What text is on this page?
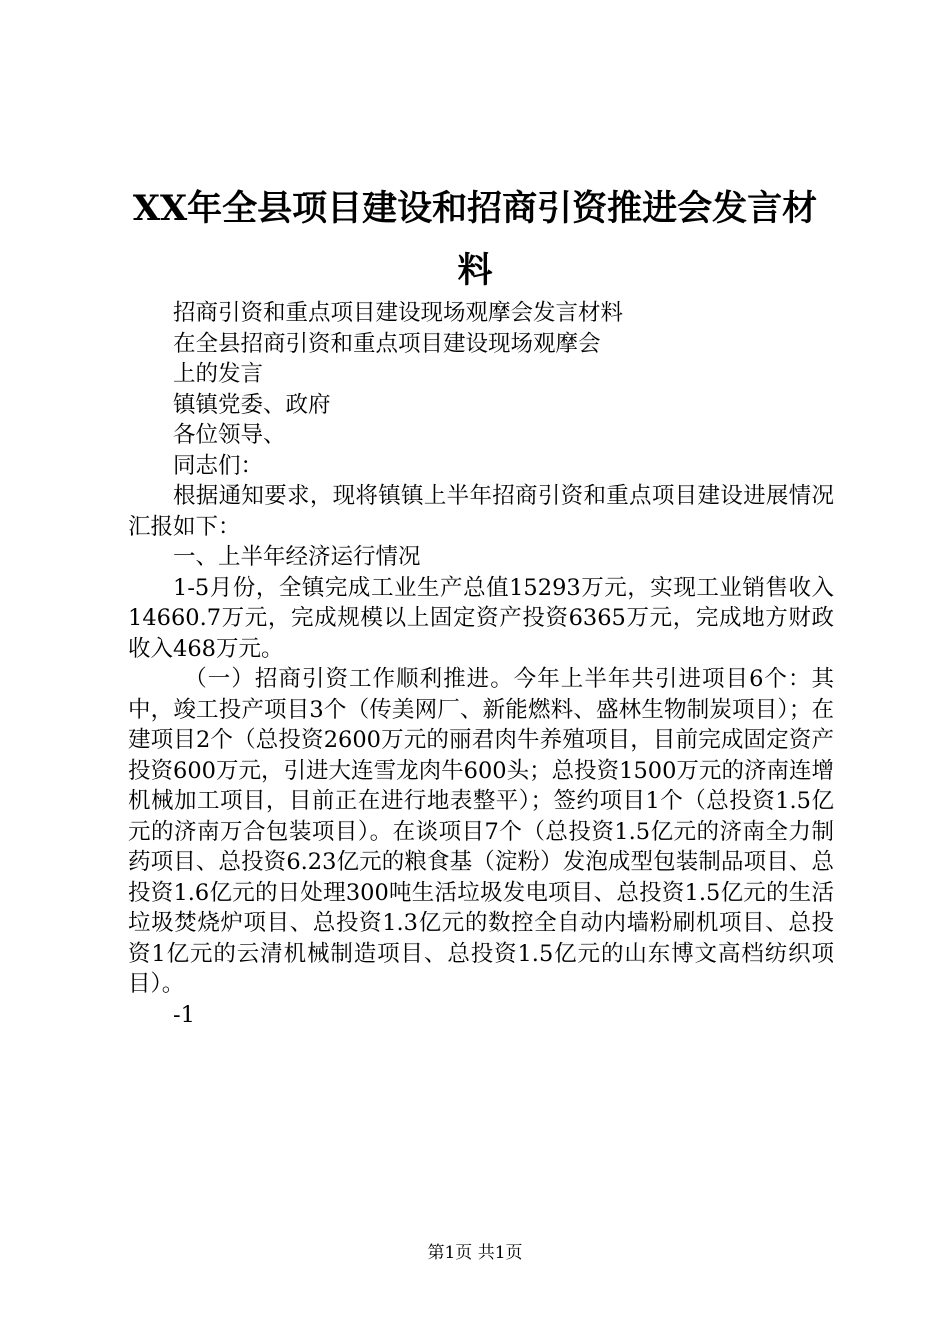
XX年全县项目建设和招商引资推进会发言材料

招商引资和重点项目建设现场观摩会发言材料

在全县招商引资和重点项目建设现场观摩会

上的发言

镇镇党委、政府

各位领导、

同志们：

根据通知要求，现将镇镇上半年招商引资和重点项目建设进展情况汇报如下：

一、上半年经济运行情况

1-5月份，全镇完成工业生产总值15293万元，实现工业销售收入14660.7万元，完成规模以上固定资产投资6365万元，完成地方财政收入468万元。

（一）招商引资工作顺利推进。今年上半年共引进项目6个：其中，竣工投产项目3个（传美网厂、新能燃料、盛林生物制炭项目）；在建项目2个（总投资2600万元的丽君肉牛养殖项目，目前完成固定资产投资600万元，引进大连雪龙肉牛600头；总投资1500万元的济南连增机械加工项目，目前正在进行地表整平）；签约项目1个（总投资1.5亿元的济南万合包装项目）。在谈项目7个（总投资1.5亿元的济南全力制药项目、总投资6.23亿元的粮食基（淀粉）发泡成型包装制品项目、总投资1.6亿元的日处理300吨生活垃圾发电项目、总投资1.5亿元的生活垃圾焚烧炉项目、总投资1.3亿元的数控全自动内墙粉刷机项目、总投资1亿元的云清机械制造项目、总投资1.5亿元的山东博文高档纺织项目）。

-1

第1页 共1页
